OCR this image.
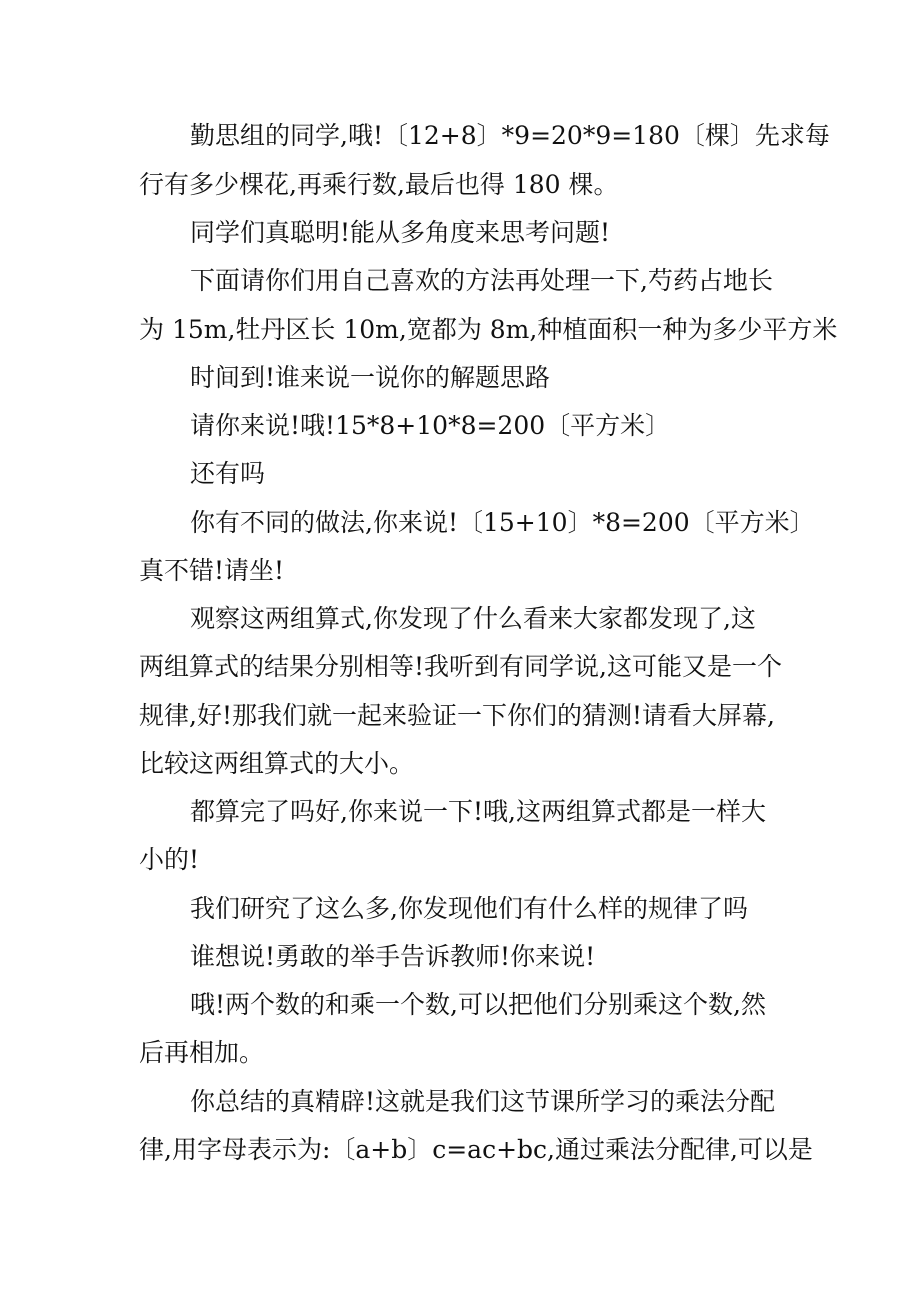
勤思组的同学,哦!〔12+8〕*9=20*9=180〔棵〕先求每
行有多少棵花,再乘行数,最后也得 180 棵。
同学们真聪明!能从多角度来思考问题!
下面请你们用自己喜欢的方法再处理一下,芍药占地长
为 15m,牡丹区长 10m,宽都为 8m,种植面积一种为多少平方米
时间到!谁来说一说你的解题思路
请你来说!哦!15*8+10*8=200〔平方米〕
还有吗
你有不同的做法,你来说!〔15+10〕*8=200〔平方米〕
真不错!请坐!
观察这两组算式,你发现了什么看来大家都发现了,这
两组算式的结果分别相等!我听到有同学说,这可能又是一个
规律,好!那我们就一起来验证一下你们的猜测!请看大屏幕,
比较这两组算式的大小。
都算完了吗好,你来说一下!哦,这两组算式都是一样大
小的!
我们研究了这么多,你发现他们有什么样的规律了吗
谁想说!勇敢的举手告诉教师!你来说!
哦!两个数的和乘一个数,可以把他们分别乘这个数,然
后再相加。
你总结的真精辟!这就是我们这节课所学习的乘法分配
律,用字母表示为:〔a+b〕c=ac+bc,通过乘法分配律,可以是
